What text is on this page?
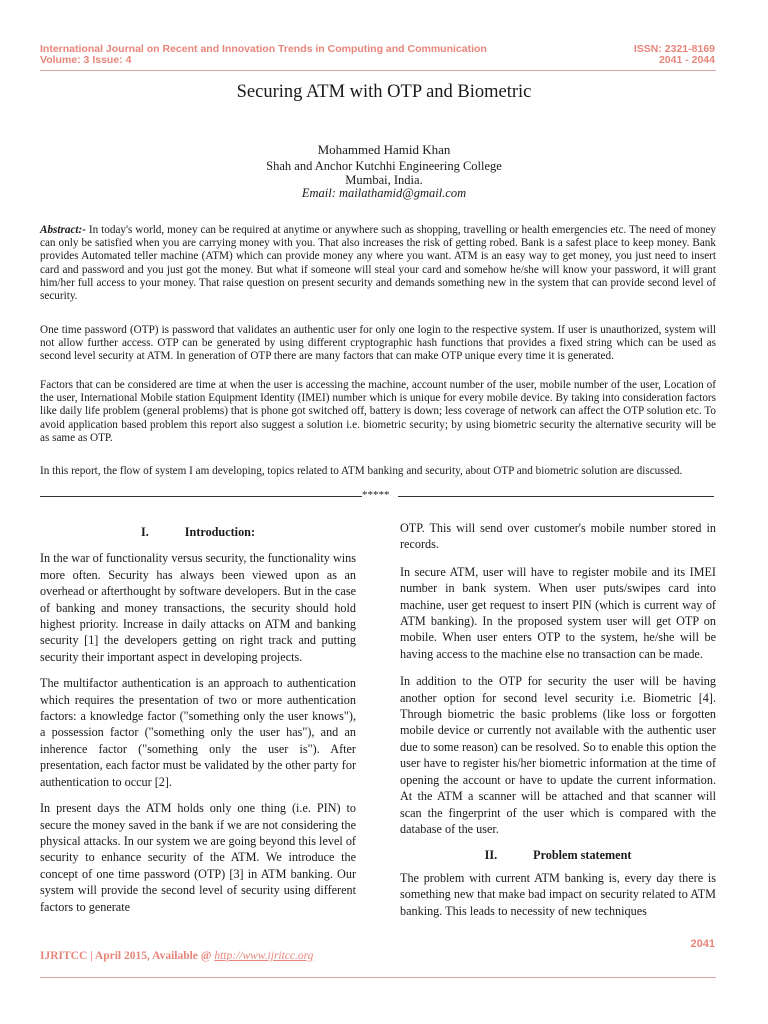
International Journal on Recent and Innovation Trends in Computing and Communication
Volume: 3 Issue: 4
ISSN: 2321-8169
2041 - 2044
Securing ATM with OTP and Biometric
Mohammed Hamid Khan
Shah and Anchor Kutchhi Engineering College
Mumbai, India.
Email: mailathamid@gmail.com
Abstract:- In today's world, money can be required at anytime or anywhere such as shopping, travelling or health emergencies etc. The need of money can only be satisfied when you are carrying money with you. That also increases the risk of getting robed. Bank is a safest place to keep money. Bank provides Automated teller machine (ATM) which can provide money any where you want. ATM is an easy way to get money, you just need to insert card and password and you just got the money. But what if someone will steal your card and somehow he/she will know your password, it will grant him/her full access to your money. That raise question on present security and demands something new in the system that can provide second level of security.
One time password (OTP) is password that validates an authentic user for only one login to the respective system. If user is unauthorized, system will not allow further access. OTP can be generated by using different cryptographic hash functions that provides a fixed string which can be used as second level security at ATM. In generation of OTP there are many factors that can make OTP unique every time it is generated.
Factors that can be considered are time at when the user is accessing the machine, account number of the user, mobile number of the user, Location of the user, International Mobile station Equipment Identity (IMEI) number which is unique for every mobile device. By taking into consideration factors like daily life problem (general problems) that is phone got switched off, battery is down; less coverage of network can affect the OTP solution etc. To avoid application based problem this report also suggest a solution i.e. biometric security; by using biometric security the alternative security will be as same as OTP.
In this report, the flow of system I am developing, topics related to ATM banking and security, about OTP and biometric solution are discussed.
*****

I.	Introduction:

In the war of functionality versus security, the functionality wins more often. Security has always been viewed upon as an overhead or afterthought by software developers. But in the case of banking and money transactions, the security should hold highest priority. Increase in daily attacks on ATM and banking security [1] the developers getting on right track and putting security their important aspect in developing projects.

The multifactor authentication is an approach to authentication which requires the presentation of two or more authentication factors: a knowledge factor ("something only the user knows"), a possession factor ("something only the user has"), and an inherence factor ("something only the user is"). After presentation, each factor must be validated by the other party for authentication to occur [2].

In present days the ATM holds only one thing (i.e. PIN) to secure the money saved in the bank if we are not considering the physical attacks. In our system we are going beyond this level of security to enhance security of the ATM. We introduce the concept of one time password (OTP) [3] in ATM banking. Our system will provide the second level of security using different factors to generate

OTP. This will send over customer's mobile number stored in records.

In secure ATM, user will have to register mobile and its IMEI number in bank system. When user puts/swipes card into machine, user get request to insert PIN (which is current way of ATM banking). In the proposed system user will get OTP on mobile. When user enters OTP to the system, he/she will be having access to the machine else no transaction can be made.

In addition to the OTP for security the user will be having another option for second level security i.e. Biometric [4]. Through biometric the basic problems (like loss or forgotten mobile device or currently not available with the authentic user due to some reason) can be resolved. So to enable this option the user have to register his/her biometric information at the time of opening the account or have to update the current information. At the ATM a scanner will be attached and that scanner will scan the fingerprint of the user which is compared with the database of the user.

II.	Problem statement

The problem with current ATM banking is, every day there is something new that make bad impact on security related to ATM banking. This leads to necessity of new techniques

2041
IJRITCC | April 2015, Available @ http://www.ijritcc.org
